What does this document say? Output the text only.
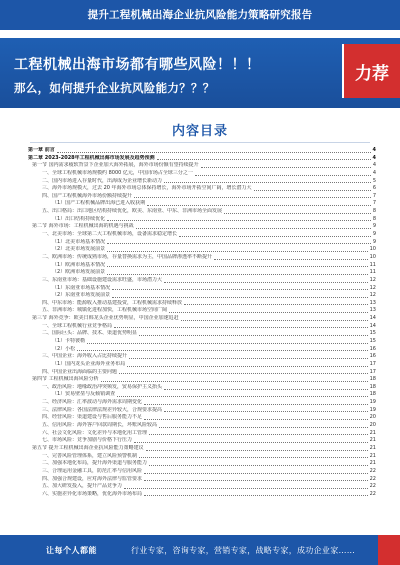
提升工程机械出海企业抗风险能力策略研究报告
工程机械出海市场都有哪些风险！！！
那么，如何提升企业抗风险能力？？？
力荐
内容目录
第一章 前言	4
第二章 2023-2028年工程机械出海市场发展及趋势预测	4
第一节 国内需求疲软背景下企业加大海外拓展，海外市场份额有望持续提升	4
一、全球工程机械市场规模约 8000 亿元，中国市场占全球三分之一	4
二、国内市场进入存量时代，出海成为企业增长新动力	5
三、海外市场规模大，过去 20 年海外市场总体保持增长，海外市场开拓空间广阔，增长潜力大	6
四、国产工程机械海外市场份额持续提升	7
（1）国产工程机械品牌出海已进入收获期	7
五、出口格局：出口地区结构持续优化，欧美、东南亚、中东、非洲市场全面发展	8
（1）出口结构持续优化	8
第二节 海外市场：工程机械出海的机遇与挑战	9
一、北美市场：全球第二大工程机械市场，设备需求稳定增长	9
（1）北美市场基本情况	9
（2）北美市场发展前景	10
二、欧洲市场：传统成熟市场，存量替换需求为主，中国品牌渗透率不断提升	10
（1）欧洲市场基本情况	11
（2）欧洲市场发展前景	11
三、东南亚市场：基础设施建设需求旺盛，市场潜力大	12
（1）东南亚市场基本情况	12
（2）东南亚市场发展前景	12
四、中东市场：能源收入推动基建投资，工程机械需求持续释放	13
五、非洲市场：城镇化进程加快，工程机械市场空间广阔	13
第三节 海外竞争：欧美日韩龙头企业优势明显，中国企业加速追赶	14
一、全球工程机械行业竞争格局	14
二、国际巨头：品牌、技术、渠道优势明显	15
（1）卡特彼勒	15
（2）小松	16
三、中国企业：海外收入占比持续提升	16
（1）国内龙头企业海外业务布局	17
四、中国企业出海面临的主要问题	17
第四节 工程机械出海风险分析	18
一、政治风险：地缘政治冲突频发，贸易保护主义抬头	18
（1）贸易壁垒与反倾销调查	18
二、经济风险：汇率波动与海外需求周期变化	19
三、法律风险：各国法律法规差异较大，合规要求提高	19
四、经营风险：渠道建设与售后服务能力不足	20
五、信用风险：海外客户回款周期长，坏账风险较高	20
六、社会文化风险：文化差异与本地化用工管理	21
七、市场风险：竞争加剧与价格下行压力	21
第五节 提升工程机械出海企业抗风险能力策略建议	21
一、完善风险管理体系，建立风险预警机制	21
二、加强本地化布局，提升海外渠道与服务能力	21
三、合理运用金融工具，防范汇率与信用风险	22
四、加强合规建设，应对海外法律与监管要求	22
五、加大研发投入，提升产品竞争力	22
六、实施差异化市场策略，优化海外市场布局	22
让每个人都能	行业专家，咨询专家，营销专家，战略专家，成功企业家……
